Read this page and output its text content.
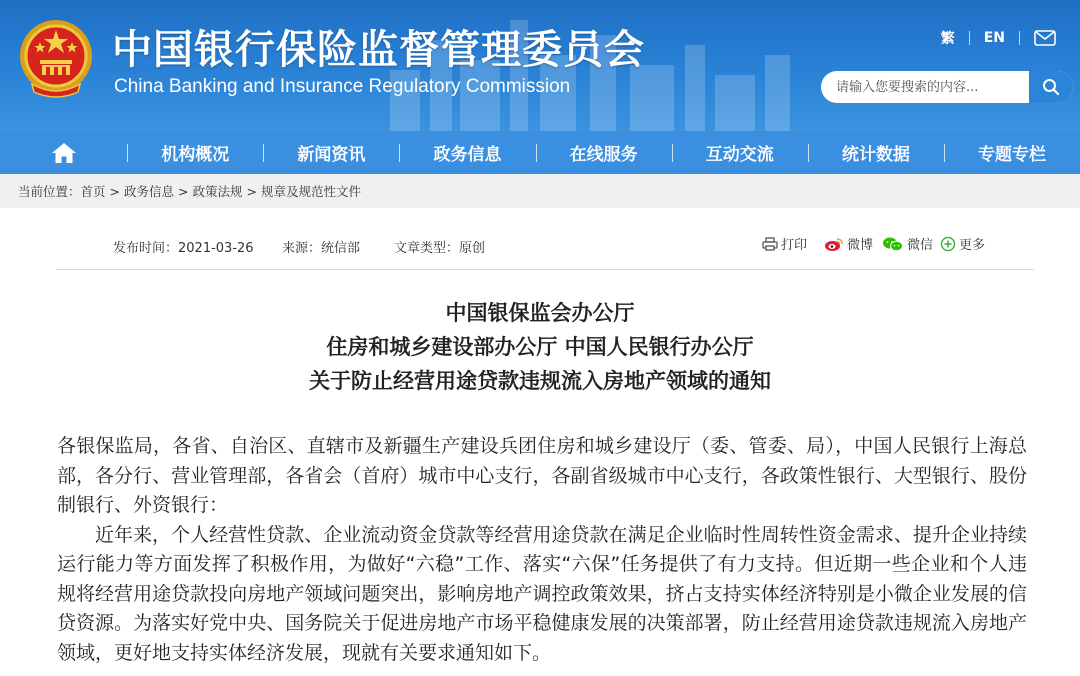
中国银行保险监督管理委员会
China Banking and Insurance Regulatory Commission
繁	EN
请输入您要搜索的内容...
机构概况	新闻资讯	政务信息	在线服务	互动交流	统计数据	专题专栏
当前位置： 首页 > 政务信息 > 政策法规 > 规章及规范性文件
发布时间：2021-03-26 来源：统信部	文章类型：原创	打印	微博	微信 更多
中国银保监会办公厅
住房和城乡建设部办公厅 中国人民银行办公厅
关于防止经营用途贷款违规流入房地产领域的通知

各银保监局，各省、自治区、直辖市及新疆生产建设兵团住房和城乡建设厅（委、管委、局），中国人民银行上海总部，各分行、营业管理部，各省会（首府）城市中心支行，各副省级城市中心支行，各政策性银行、大型银行、股份制银行、外资银行：

近年来，个人经营性贷款、企业流动资金贷款等经营用途贷款在满足企业临时性周转性资金需求、提升企业持续运行能力等方面发挥了积极作用，为做好“六稳”工作、落实“六保”任务提供了有力支持。但近期一些企业和个人违规将经营用途贷款投向房地产领域问题突出，影响房地产调控政策效果，挤占支持实体经济特别是小微企业发展的信贷资源。为落实好党中央、国务院关于促进房地产市场平稳健康发展的决策部署，防止经营用途贷款违规流入房地产领域，更好地支持实体经济发展，现就有关要求通知如下。
